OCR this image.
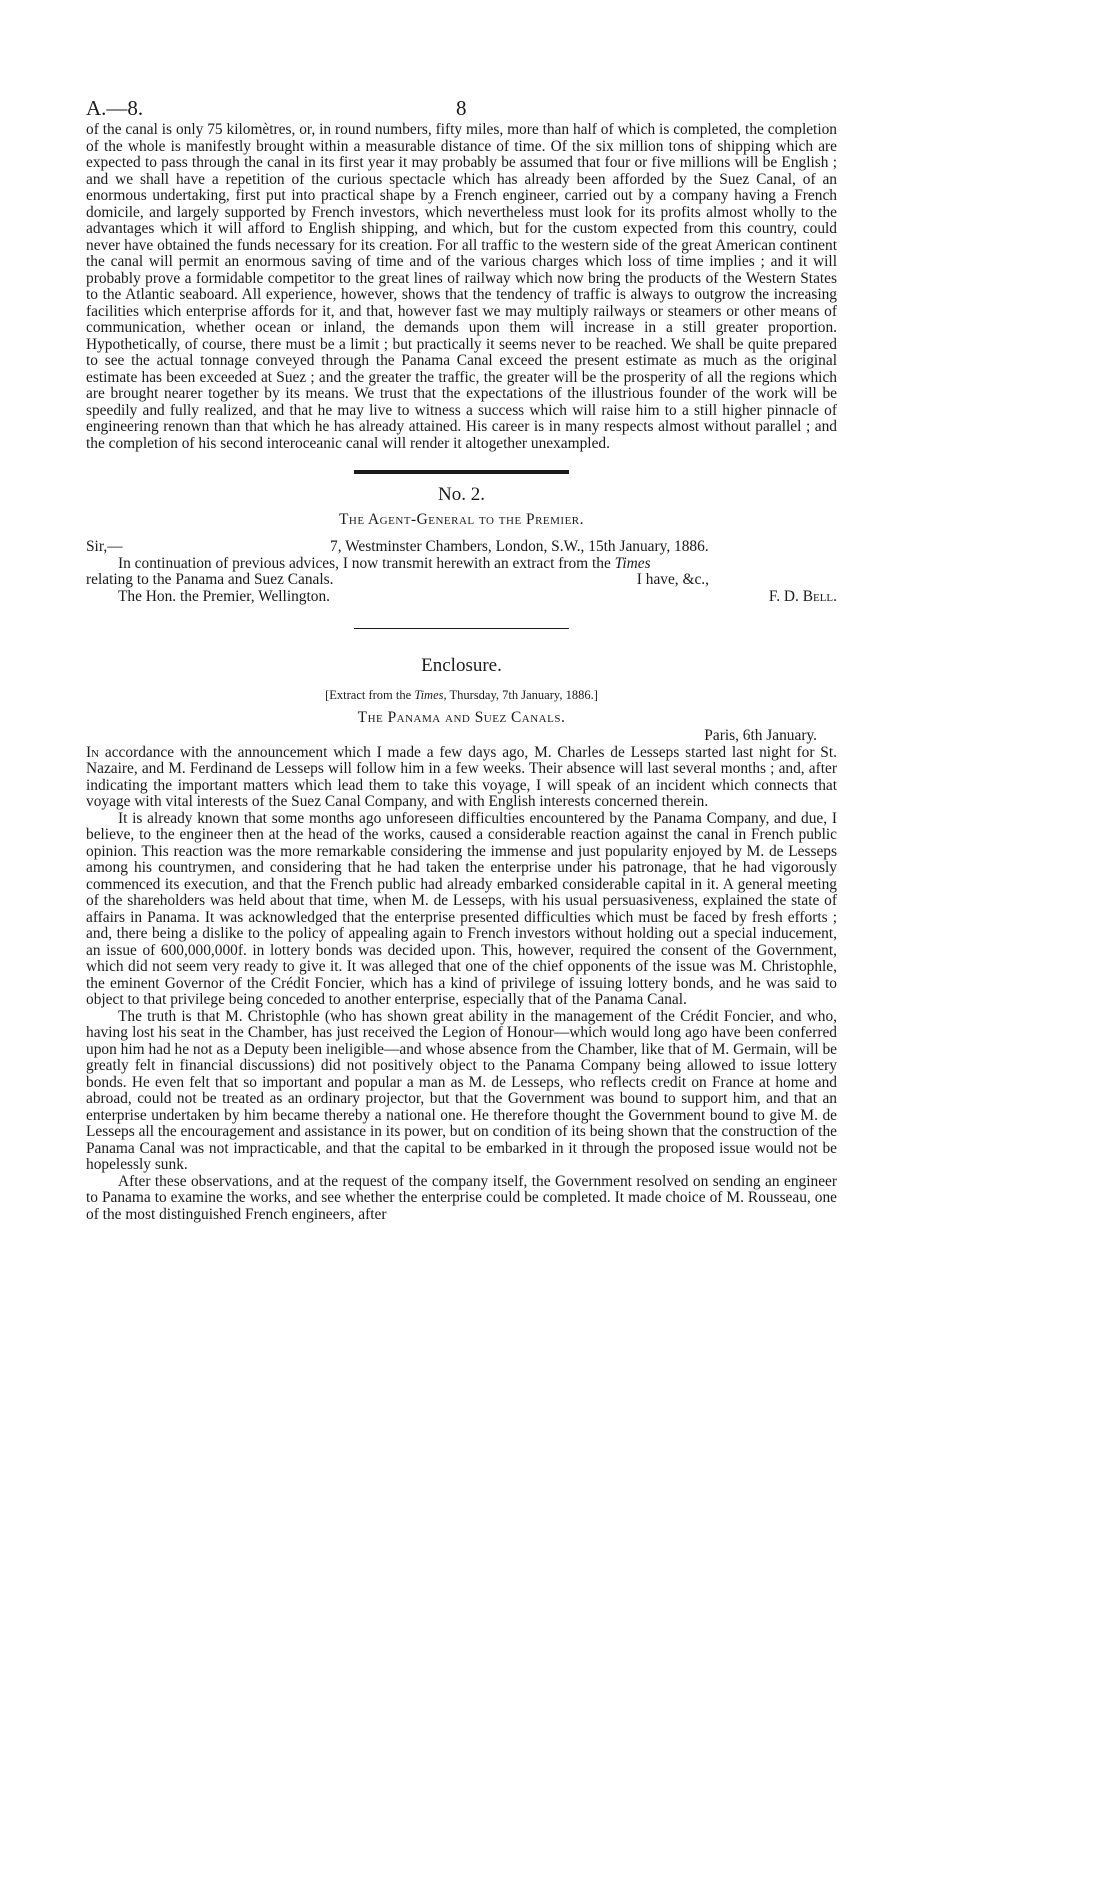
A.—8.	8

of the canal is only 75 kilomètres, or, in round numbers, fifty miles, more than half of which is completed, the completion of the whole is manifestly brought within a measurable distance of time. Of the six million tons of shipping which are expected to pass through the canal in its first year it may probably be assumed that four or five millions will be English ; and we shall have a repetition of the curious spectacle which has already been afforded by the Suez Canal, of an enormous undertaking, first put into practical shape by a French engineer, carried out by a company having a French domicile, and largely supported by French investors, which nevertheless must look for its profits almost wholly to the advantages which it will afford to English shipping, and which, but for the custom expected from this country, could never have obtained the funds necessary for its creation. For all traffic to the western side of the great American continent the canal will permit an enormous saving of time and of the various charges which loss of time implies ; and it will probably prove a formidable competitor to the great lines of railway which now bring the products of the Western States to the Atlantic seaboard. All experience, however, shows that the tendency of traffic is always to outgrow the increasing facilities which enterprise affords for it, and that, however fast we may multiply railways or steamers or other means of communication, whether ocean or inland, the demands upon them will increase in a still greater proportion. Hypothetically, of course, there must be a limit ; but practically it seems never to be reached. We shall be quite prepared to see the actual tonnage conveyed through the Panama Canal exceed the present estimate as much as the original estimate has been exceeded at Suez ; and the greater the traffic, the greater will be the prosperity of all the regions which are brought nearer together by its means. We trust that the expectations of the illustrious founder of the work will be speedily and fully realized, and that he may live to witness a success which will raise him to a still higher pinnacle of engineering renown than that which he has already attained. His career is in many respects almost without parallel ; and the completion of his second interoceanic canal will render it altogether unexampled.

No. 2.
The Agent-General to the Premier.
Sir,—	7, Westminster Chambers, London, S.W., 15th January, 1886.

In continuation of previous advices, I now transmit herewith an extract from the Times

relating to the Panama and Suez Canals.	I have, &c.,
The Hon. the Premier, Wellington.	F. D. Bell.
Enclosure.
[Extract from the Times, Thursday, 7th January, 1886.]
The Panama and Suez Canals.
Paris, 6th January.

In accordance with the announcement which I made a few days ago, M. Charles de Lesseps started last night for St. Nazaire, and M. Ferdinand de Lesseps will follow him in a few weeks. Their absence will last several months ; and, after indicating the important matters which lead them to take this voyage, I will speak of an incident which connects that voyage with vital interests of the Suez Canal Company, and with English interests concerned therein.

It is already known that some months ago unforeseen difficulties encountered by the Panama Company, and due, I believe, to the engineer then at the head of the works, caused a considerable reaction against the canal in French public opinion. This reaction was the more remarkable considering the immense and just popularity enjoyed by M. de Lesseps among his countrymen, and considering that he had taken the enterprise under his patronage, that he had vigorously commenced its execution, and that the French public had already embarked considerable capital in it. A general meeting of the shareholders was held about that time, when M. de Lesseps, with his usual persuasiveness, explained the state of affairs in Panama. It was acknowledged that the enterprise presented difficulties which must be faced by fresh efforts ; and, there being a dislike to the policy of appealing again to French investors without holding out a special inducement, an issue of 600,000,000f. in lottery bonds was decided upon. This, however, required the consent of the Government, which did not seem very ready to give it. It was alleged that one of the chief opponents of the issue was M. Christophle, the eminent Governor of the Crédit Foncier, which has a kind of privilege of issuing lottery bonds, and he was said to object to that privilege being conceded to another enterprise, especially that of the Panama Canal.

The truth is that M. Christophle (who has shown great ability in the management of the Crédit Foncier, and who, having lost his seat in the Chamber, has just received the Legion of Honour—which would long ago have been conferred upon him had he not as a Deputy been ineligible—and whose absence from the Chamber, like that of M. Germain, will be greatly felt in financial discussions) did not positively object to the Panama Company being allowed to issue lottery bonds. He even felt that so important and popular a man as M. de Lesseps, who reflects credit on France at home and abroad, could not be treated as an ordinary projector, but that the Government was bound to support him, and that an enterprise undertaken by him became thereby a national one. He therefore thought the Government bound to give M. de Lesseps all the encouragement and assistance in its power, but on condition of its being shown that the construction of the Panama Canal was not impracticable, and that the capital to be embarked in it through the proposed issue would not be hopelessly sunk.

After these observations, and at the request of the company itself, the Government resolved on sending an engineer to Panama to examine the works, and see whether the enterprise could be completed. It made choice of M. Rousseau, one of the most distinguished French engineers, after
